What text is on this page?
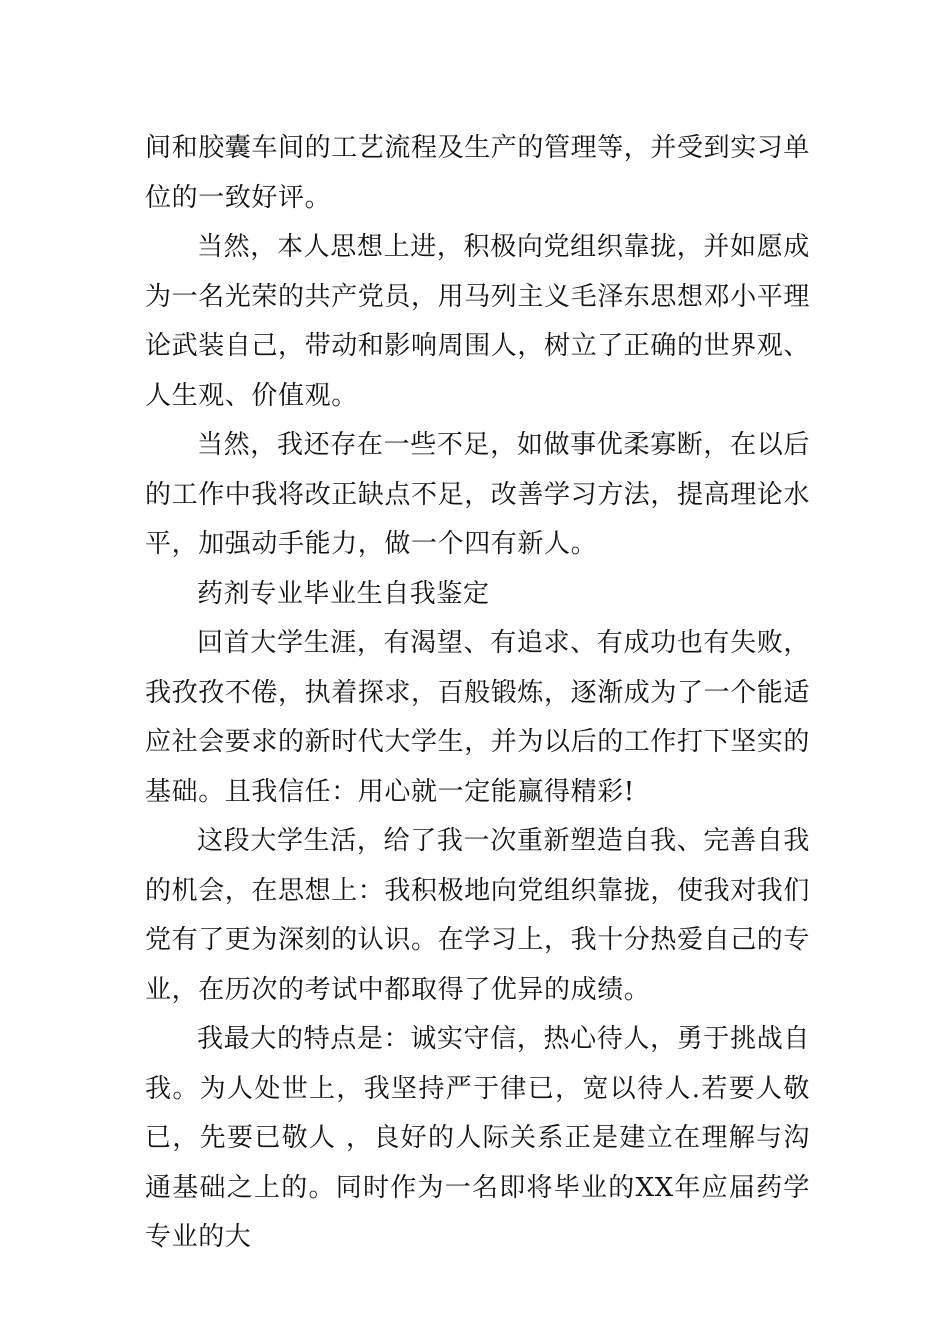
间和胶囊车间的工艺流程及生产的管理等，并受到实习单位的一致好评。

当然，本人思想上进，积极向党组织靠拢，并如愿成为一名光荣的共产党员，用马列主义毛泽东思想邓小平理论武装自己，带动和影响周围人，树立了正确的世界观、人生观、价值观。

当然，我还存在一些不足，如做事优柔寡断，在以后的工作中我将改正缺点不足，改善学习方法，提高理论水平，加强动手能力，做一个四有新人。

药剂专业毕业生自我鉴定

回首大学生涯，有渴望、有追求、有成功也有失败，我孜孜不倦，执着探求，百般锻炼，逐渐成为了一个能适应社会要求的新时代大学生，并为以后的工作打下坚实的基础。且我信任：用心就一定能赢得精彩!

这段大学生活，给了我一次重新塑造自我、完善自我的机会，在思想上：我积极地向党组织靠拢，使我对我们党有了更为深刻的认识。在学习上，我十分热爱自己的专业，在历次的考试中都取得了优异的成绩。

我最大的特点是：诚实守信，热心待人，勇于挑战自我。为人处世上，我坚持严于律已，宽以待人.若要人敬已，先要已敬人 ，良好的人际关系正是建立在理解与沟通基础之上的。同时作为一名即将毕业的XX年应届药学专业的大
